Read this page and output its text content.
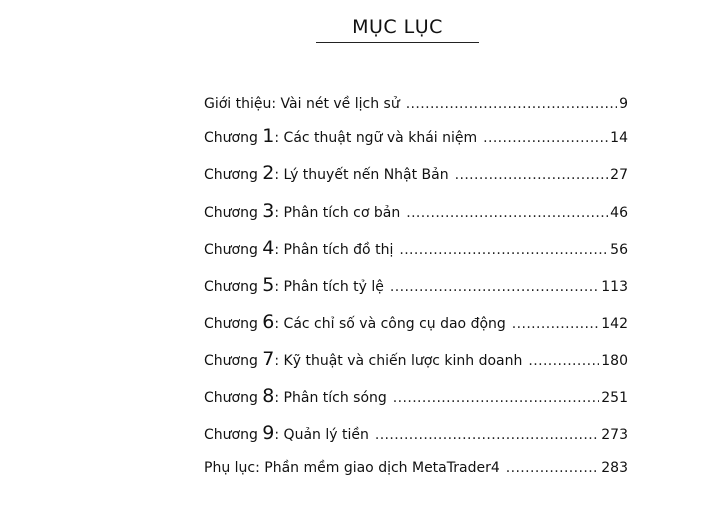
MỤC LỤC
Giới thiệu: Vài nét về lịch sử .....	9
Chương 1: Các thuật ngữ và khái niệm .....	14
Chương 2: Lý thuyết nến Nhật Bản .....	27
Chương 3: Phân tích cơ bản .....	46
Chương 4: Phân tích đồ thị .....	56
Chương 5: Phân tích tỷ lệ .....	113
Chương 6: Các chỉ số và công cụ dao động .....	142
Chương 7: Kỹ thuật và chiến lược kinh doanh .....	180
Chương 8: Phân tích sóng .....	251
Chương 9: Quản lý tiền .....	273
Phụ lục: Phần mềm giao dịch MetaTrader4 .....	283
